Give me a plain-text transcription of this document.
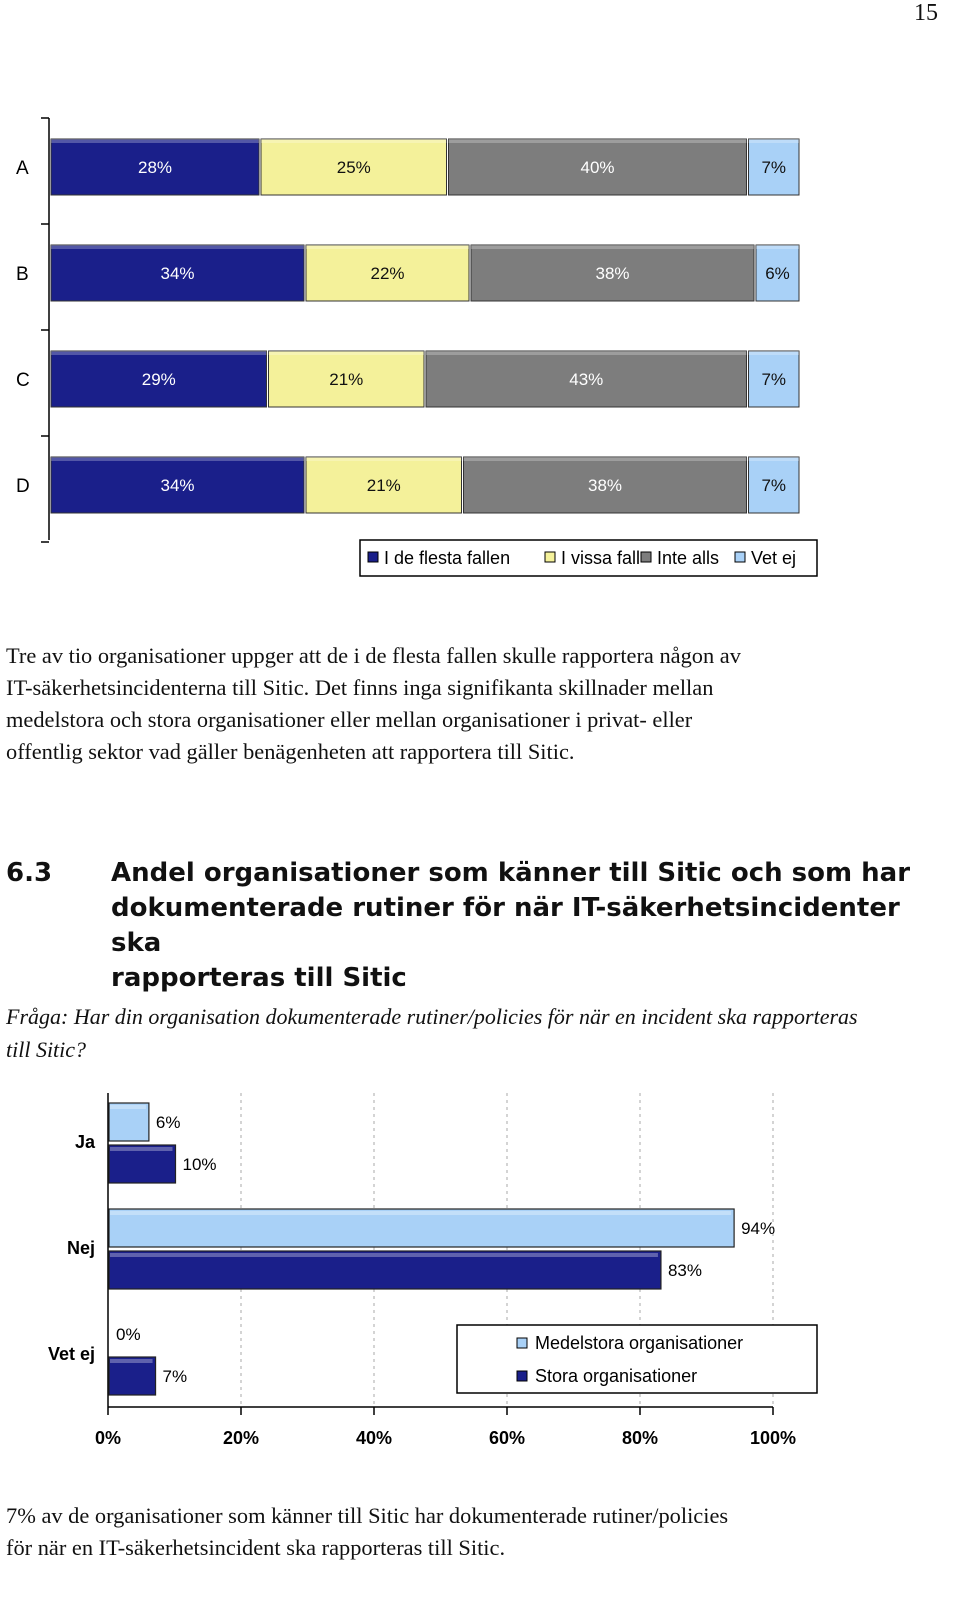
15
A	28%	25%	40%	7%
B	34%	22%	38%	6%
C	29%	21%	43%	7%
D	34%	21%	38%	7%
I de flesta fallen	I vissa fall Inte alls Vet ej
Tre av tio organisationer uppger att de i de flesta fallen skulle rapportera någon av
IT-säkerhetsincidenterna till Sitic. Det finns inga signifikanta skillnader mellan
medelstora och stora organisationer eller mellan organisationer i privat- eller
offentlig sektor vad gäller benägenheten att rapportera till Sitic.
6.3 Andel organisationer som känner till Sitic och som har
dokumenterade rutiner för när IT-säkerhetsincidenter ska
rapporteras till Sitic
Fråga: Har din organisation dokumenterade rutiner/policies för när en incident ska rapporteras
till Sitic?
0%	20%	40%	60%	80%	100%
Ja
6%
10%
Nej
94%
83%
Vet ej
0%
7%
Medelstora organisationer
Stora organisationer
7% av de organisationer som känner till Sitic har dokumenterade rutiner/policies
för när en IT-säkerhetsincident ska rapporteras till Sitic.
